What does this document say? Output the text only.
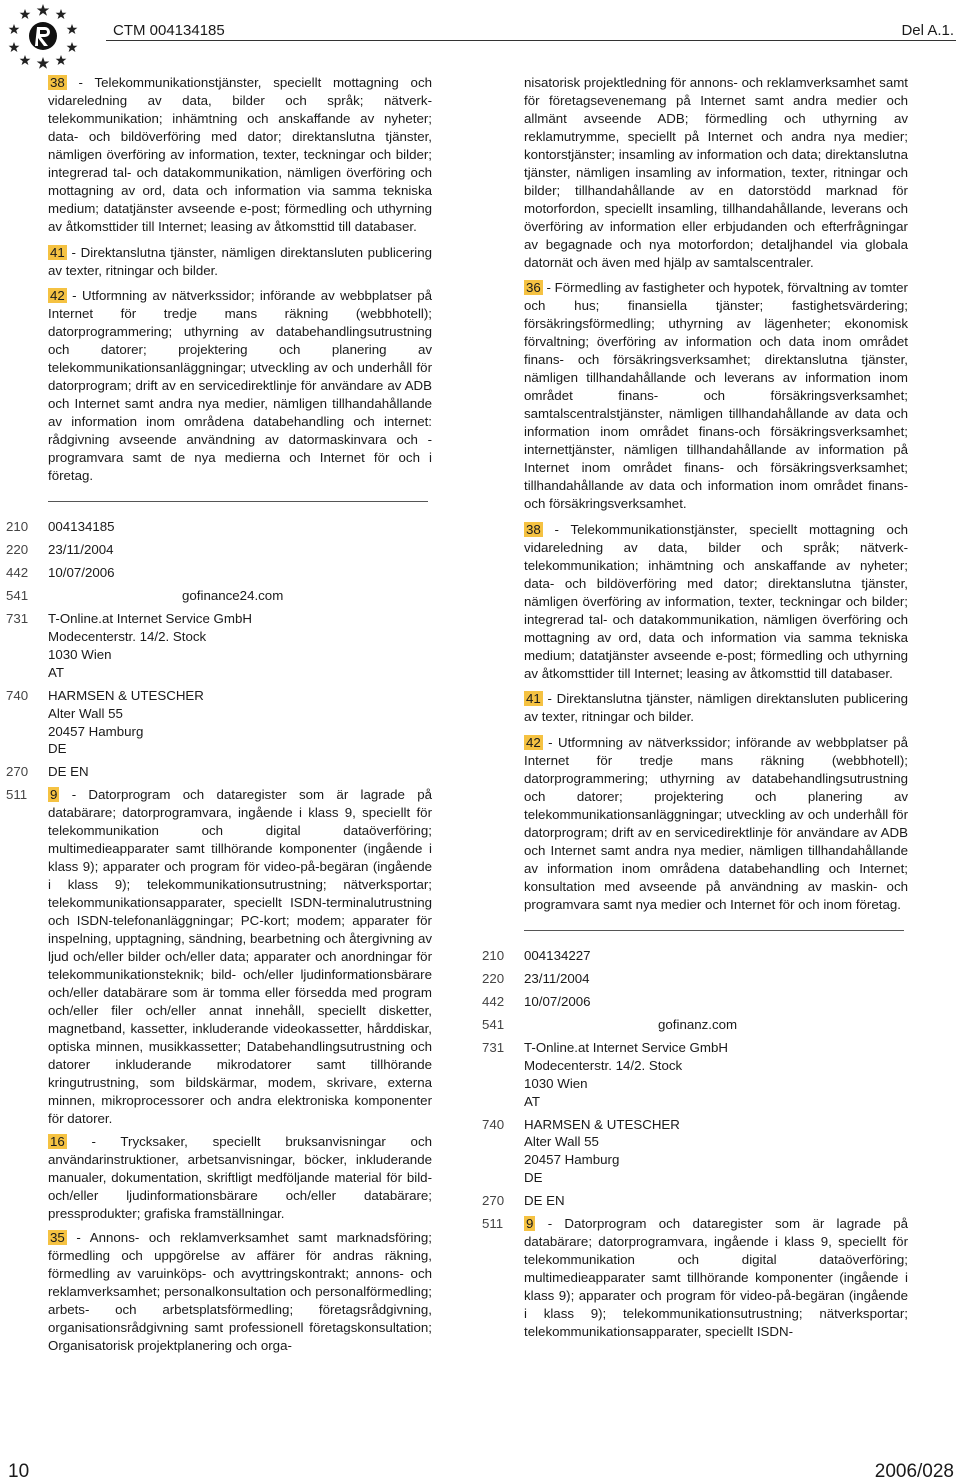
CTM 004134185	Del A.1.

38 - Telekommunikationstjänster, speciellt mottagning och vidareledning av data, bilder och språk; nätverk-telekommunikation; inhämtning och anskaffande av nyheter; data- och bildöverföring med dator; direktanslutna tjänster, nämligen överföring av information, texter, teckningar och bilder; integrerad tal- och datakommunikation, nämligen överföring och mottagning av ord, data och information via samma tekniska medium; datatjänster avseende e-post; förmedling och uthyrning av åtkomsttider till Internet; leasing av åtkomsttid till databaser.

41 - Direktanslutna tjänster, nämligen direktansluten publicering av texter, ritningar och bilder.

42 - Utformning av nätverkssidor; införande av webbplatser på Internet för tredje mans räkning (webbhotell); datorprogrammering; uthyrning av databehandlingsutrustning och datorer; projektering och planering av telekommunikationsanläggningar; utveckling av och underhåll för datorprogram; drift av en servicedirektlinje för användare av ADB och Internet samt andra nya medier, nämligen tillhandahållande av information inom områdena databehandling och internet: rådgivning avseende användning av datormaskinvara och -programvara samt de nya medierna och Internet för och i företag.

210 004134185
220 23/11/2004
442 10/07/2006
541	gofinance24.com
731 T-Online.at Internet Service GmbH
Modecenterstr. 14/2. Stock
1030 Wien
AT
740 HARMSEN & UTESCHER
Alter Wall 55
20457 Hamburg
DE
270 DE EN
511 9 - Datorprogram och dataregister som är lagrade på databärare; datorprogramvara, ingående i klass 9, speciellt för telekommunikation och digital dataöverföring; multimedieapparater samt tillhörande komponenter (ingående i klass 9); apparater och program för video-på-begäran (ingående i klass 9); telekommunikationsutrustning; nätverksportar; telekommunikationsapparater, speciellt ISDN-terminalutrustning och ISDN-telefonanläggningar; PC-kort; modem; apparater för inspelning, upptagning, sändning, bearbetning och återgivning av ljud och/eller bilder och/eller data; apparater och anordningar för telekommunikationsteknik; bild- och/eller ljudinformationsbärare och/eller databärare som är tomma eller försedda med program och/eller filer och/eller annat innehåll, speciellt disketter, magnetband, kassetter, inkluderande videokassetter, hårddiskar, optiska minnen, musikkassetter; Databehandlingsutrustning och datorer inkluderande mikrodatorer samt tillhörande kringutrustning, som bildskärmar, modem, skrivare, externa minnen, mikroprocessorer och andra elektroniska komponenter för datorer.

16 - Trycksaker, speciellt bruksanvisningar och användarinstruktioner, arbetsanvisningar, böcker, inkluderande manualer, dokumentation, skriftligt medföljande material för bild- och/eller ljudinformationsbärare och/eller databärare; pressprodukter; grafiska framställningar.

35 - Annons- och reklamverksamhet samt marknadsföring; förmedling och uppgörelse av affärer för andras räkning, förmedling av varuinköps- och avyttringskontrakt; annons- och reklamverksamhet; personalkonsultation och personalförmedling; arbets- och arbetsplatsförmedling; företagsrådgivning, organisationsrådgivning samt professionell företagskonsultation; Organisatorisk projektplanering och orga-

nisatorisk projektledning för annons- och reklamverksamhet samt för företagsevenemang på Internet samt andra medier och allmänt avseende ADB; förmedling och uthyrning av reklamutrymme, speciellt på Internet och andra nya medier; kontorstjänster; insamling av information och data; direktanslutna tjänster, nämligen insamling av information, texter, ritningar och bilder; tillhandahållande av en datorstödd marknad för motorfordon, speciellt insamling, tillhandahållande, leverans och överföring av information eller erbjudanden och efterfrågningar av begagnade och nya motorfordon; detaljhandel via globala datornät och även med hjälp av samtalscentraler.

36 - Förmedling av fastigheter och hypotek, förvaltning av tomter och hus; finansiella tjänster; fastighetsvärdering; försäkringsförmedling; uthyrning av lägenheter; ekonomisk förvaltning; överföring av information och data inom området finans- och försäkringsverksamhet; direktanslutna tjänster, nämligen tillhandahållande och leverans av information inom området finans- och försäkringsverksamhet; samtalscentralstjänster, nämligen tillhandahållande av data och information inom området finans-och försäkringsverksamhet; internettjänster, nämligen tillhandahållande av information på Internet inom området finans- och försäkringsverksamhet; tillhandahållande av data och information inom området finans- och försäkringsverksamhet.

38 - Telekommunikationstjänster, speciellt mottagning och vidareledning av data, bilder och språk; nätverk-telekommunikation; inhämtning och anskaffande av nyheter; data- och bildöverföring med dator; direktanslutna tjänster, nämligen överföring av information, texter, teckningar och bilder; integrerad tal- och datakommunikation, nämligen överföring och mottagning av ord, data och information via samma tekniska medium; datatjänster avseende e-post; förmedling och uthyrning av åtkomsttider till Internet; leasing av åtkomsttid till databaser.

41 - Direktanslutna tjänster, nämligen direktansluten publicering av texter, ritningar och bilder.

42 - Utformning av nätverkssidor; införande av webbplatser på Internet för tredje mans räkning (webbhotell); datorprogrammering; uthyrning av databehandlingsutrustning och datorer; projektering och planering av telekommunikationsanläggningar; utveckling av och underhåll för datorprogram; drift av en servicedirektlinje för användare av ADB och Internet samt andra nya medier, nämligen tillhandahållande av information inom områdena databehandling och Internet; konsultation med avseende på användning av maskin- och programvara samt nya medier och Internet för och inom företag.

210 004134227
220 23/11/2004
442 10/07/2006
541	gofinanz.com
731 T-Online.at Internet Service GmbH
Modecenterstr. 14/2. Stock
1030 Wien
AT
740 HARMSEN & UTESCHER
Alter Wall 55
20457 Hamburg
DE
270 DE EN
511 9 - Datorprogram och dataregister som är lagrade på databärare; datorprogramvara, ingående i klass 9, speciellt för telekommunikation och digital dataöverföring; multimedieapparater samt tillhörande komponenter (ingående i klass 9); apparater och program för video-på-begäran (ingående i klass 9); telekommunikationsutrustning; nätverksportar; telekommunikationsapparater, speciellt ISDN-

10	2006/028
